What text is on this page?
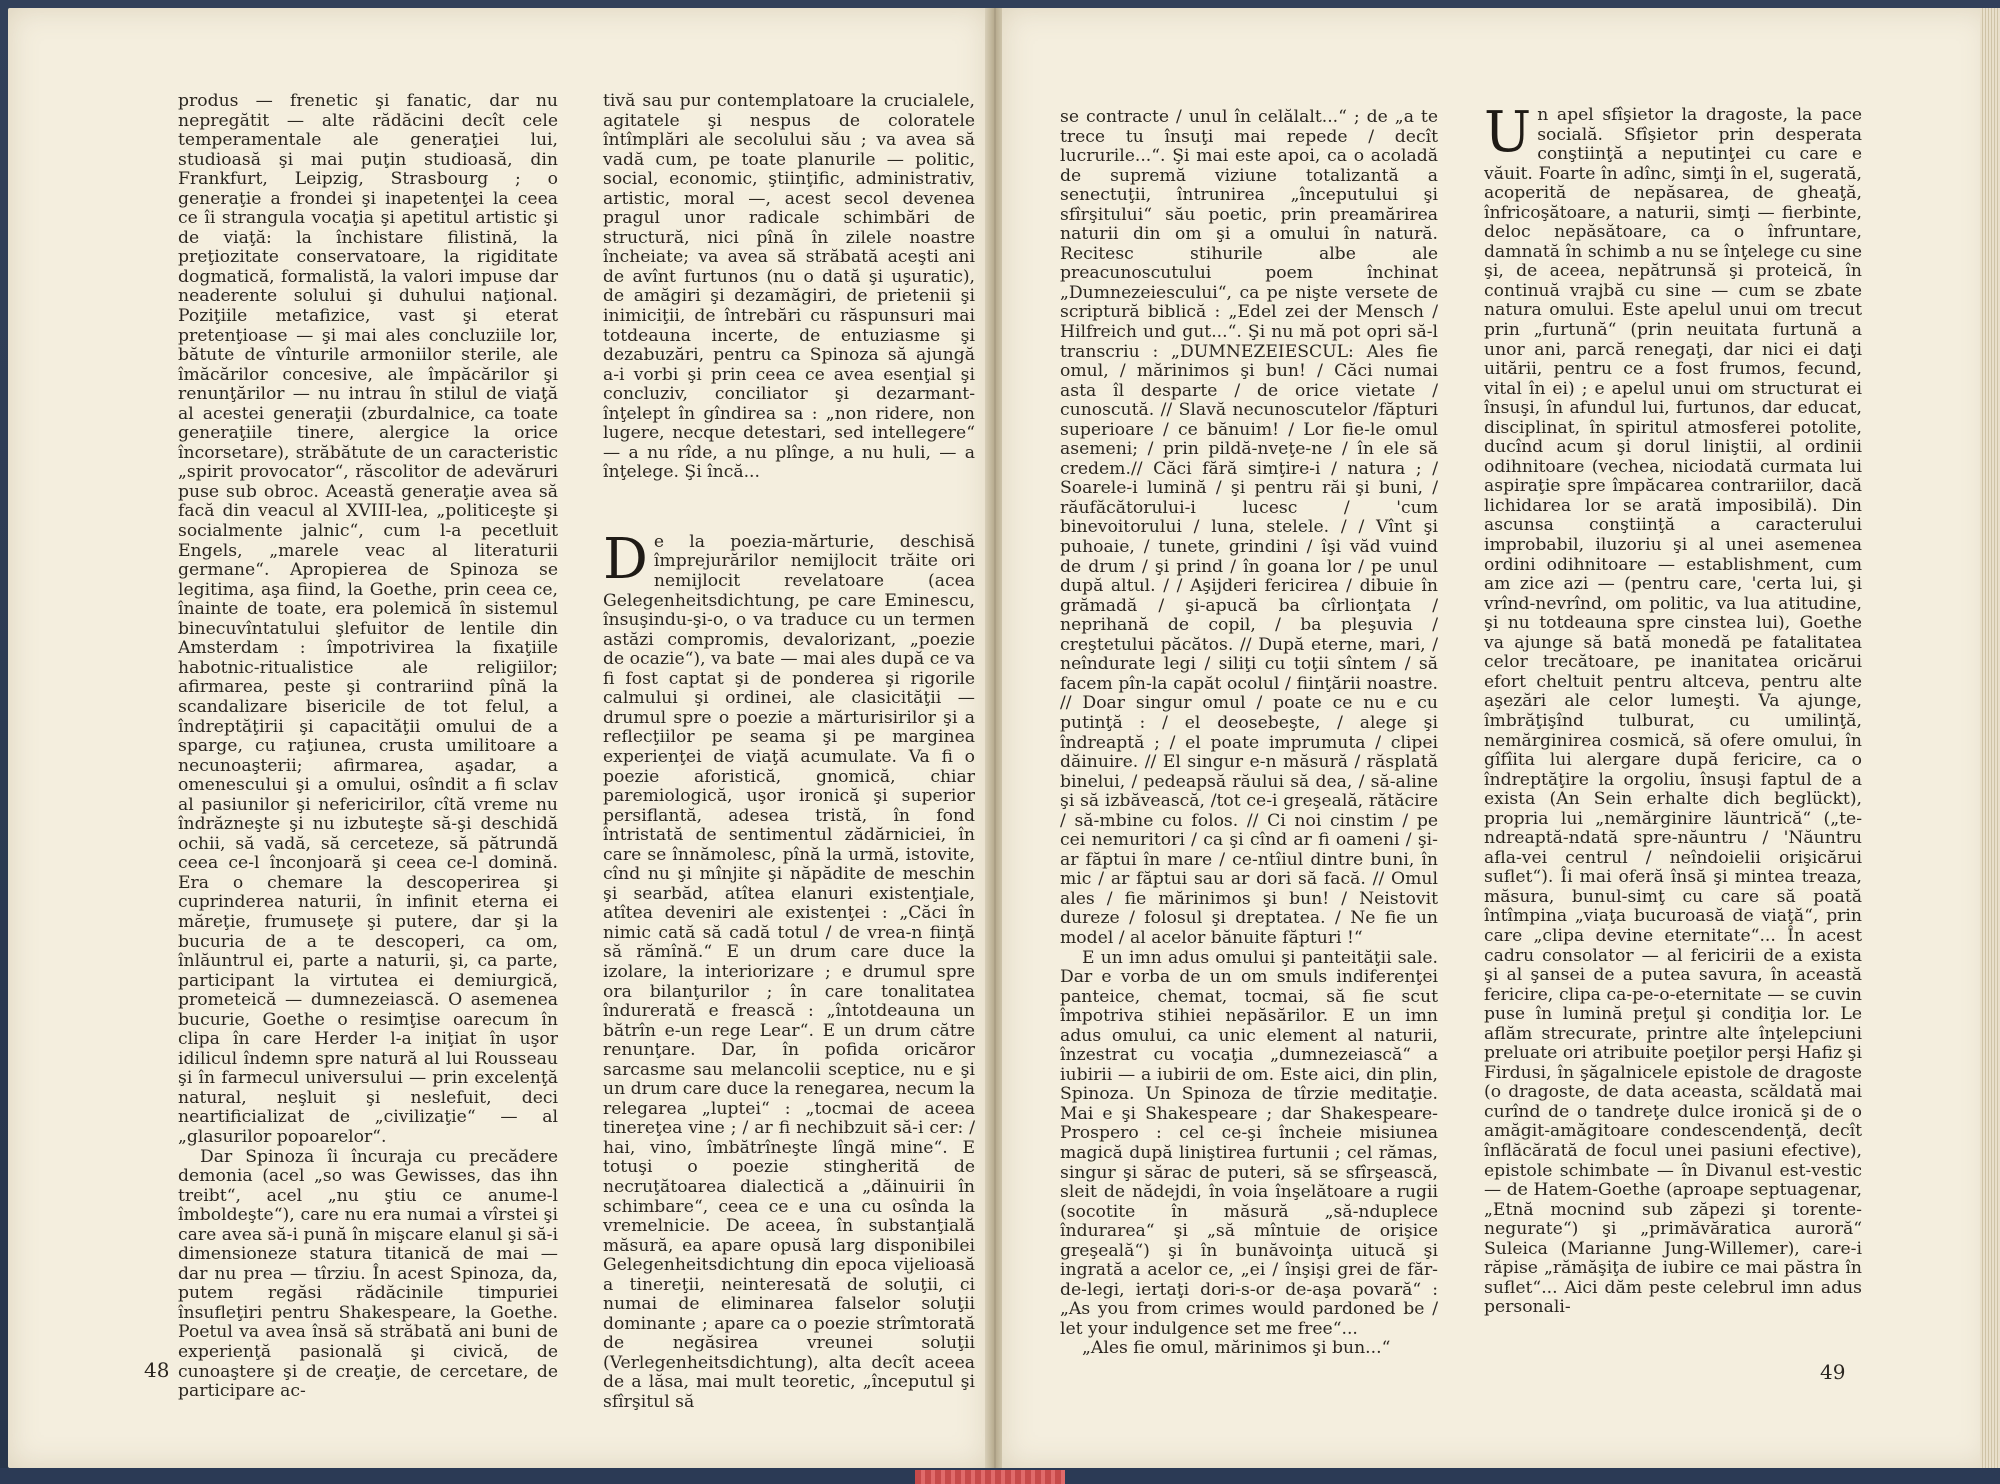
produs — frenetic şi fanatic, dar nu nepregătit — alte rădăcini decît cele temperamentale ale generaţiei lui, studioasă şi mai puţin studioasă, din Frankfurt, Leipzig, Strasbourg ; o generaţie a frondei şi inapetenţei la ceea ce îi strangula vocaţia şi apetitul artistic şi de viaţă: la închistare filistină, la preţiozitate conservatoare, la rigiditate dogmatică, formalistă, la valori impuse dar neaderente solului şi duhului naţional. Poziţiile metafizice, vast şi eterat pretenţioase — şi mai ales concluziile lor, bătute de vînturile armoniilor sterile, ale îmăcărilor concesive, ale împăcărilor şi renunţărilor — nu intrau în stilul de viaţă al acestei generaţii (zburdalnice, ca toate generaţiile tinere, alergice la orice încorsetare), străbătute de un caracteristic „spirit provocator“, răscolitor de adevăruri puse sub obroc. Această generaţie avea să facă din veacul al XVIII-lea, „politiceşte şi socialmente jalnic“, cum l-a pecetluit Engels, „marele veac al literaturii germane“. Apropierea de Spinoza se legitima, aşa fiind, la Goethe, prin ceea ce, înainte de toate, era polemică în sistemul binecuvîntatului şlefuitor de lentile din Amsterdam : împotrivirea la fixaţiile habotnic-ritualistice ale religiilor; afirmarea, peste şi contrariind pînă la scandalizare bisericile de tot felul, a îndreptăţirii şi capacităţii omului de a sparge, cu raţiunea, crusta umilitoare a necunoaşterii; afirmarea, aşadar, a omenescului şi a omului, osîndit a fi sclav al pasiunilor şi nefericirilor, cîtă vreme nu îndrăzneşte şi nu izbuteşte să-şi deschidă ochii, să vadă, să cerceteze, să pătrundă ceea ce-l înconjoară şi ceea ce-l domină. Era o chemare la descoperirea şi cuprinderea naturii, în infinit eterna ei măreţie, frumuseţe şi putere, dar şi la bucuria de a te descoperi, ca om, înlăuntrul ei, parte a naturii, şi, ca parte, participant la virtutea ei demiurgică, prometeică — dumnezeiască. O asemenea bucurie, Goethe o resimţise oarecum în clipa în care Herder l-a iniţiat în uşor idilicul îndemn spre natură al lui Rousseau şi în farmecul universului — prin excelenţă natural, neşluit şi neslefuit, deci neartificializat de „civilizaţie“ — al „glasurilor popoarelor“.

Dar Spinoza îi încuraja cu precădere demonia (acel „so was Gewisses, das ihn treibt“, acel „nu ştiu ce anume-l îmboldeşte“), care nu era numai a vîrstei şi care avea să-i pună în mişcare elanul şi să-i dimensioneze statura titanică de mai — dar nu prea — tîrziu. În acest Spinoza, da, putem regăsi rădăcinile timpuriei însufleţiri pentru Shakespeare, la Goethe. Poetul va avea însă să străbată ani buni de experienţă pasională şi civică, de cunoaştere şi de creaţie, de cercetare, de participare ac-

tivă sau pur contemplatoare la crucialele, agitatele şi nespus de coloratele întîmplări ale secolului său ; va avea să vadă cum, pe toate planurile — politic, social, economic, ştiinţific, administrativ, artistic, moral —, acest secol devenea pragul unor radicale schimbări de structură, nici pînă în zilele noastre încheiate; va avea să străbată aceşti ani de avînt furtunos (nu o dată şi uşuratic), de amăgiri şi dezamăgiri, de prietenii şi inimiciţii, de întrebări cu răspunsuri mai totdeauna incerte, de entuziasme şi dezabuzări, pentru ca Spinoza să ajungă a-i vorbi şi prin ceea ce avea esenţial şi concluziv, conciliator şi dezarmant-înţelept în gîndirea sa : „non ridere, non lugere, necque detestari, sed intellegere“ — a nu rîde, a nu plînge, a nu huli, — a înţelege. Şi încă...

De la poezia-mărturie, deschisă împrejurărilor nemijlocit trăite ori nemijlocit revelatoare (acea Gelegenheitsdichtung, pe care Eminescu, însuşindu-şi-o, o va traduce cu un termen astăzi compromis, devalorizant, „poezie de ocazie“), va bate — mai ales după ce va fi fost captat şi de ponderea şi rigorile calmului şi ordinei, ale clasicităţii — drumul spre o poezie a mărturisirilor şi a reflecţiilor pe seama şi pe marginea experienţei de viaţă acumulate. Va fi o poezie aforistică, gnomică, chiar paremiologică, uşor ironică şi superior persiflantă, adesea tristă, în fond întristată de sentimentul zădărniciei, în care se înnămolesc, pînă la urmă, istovite, cînd nu şi mînjite şi năpădite de meschin şi searbăd, atîtea elanuri existenţiale, atîtea deveniri ale existenţei : „Căci în nimic cată să cadă totul / de vrea-n fiinţă să rămînă.“ E un drum care duce la izolare, la interiorizare ; e drumul spre ora bilanţurilor ; în care tonalitatea îndurerată e frească : „întotdeauna un bătrîn e-un rege Lear“. E un drum către renunţare. Dar, în pofida oricăror sarcasme sau melancolii sceptice, nu e şi un drum care duce la renegarea, necum la relegarea „luptei“ : „tocmai de aceea tinereţea vine ; / ar fi nechibzuit să-i cer: / hai, vino, îmbătrîneşte lîngă mine“. E totuşi o poezie stingherită de necruţătoarea dialectică a „dăinuirii în schimbare“, ceea ce e una cu osînda la vremelnicie. De aceea, în substanţială măsură, ea apare opusă larg disponibilei Gelegenheitsdichtung din epoca vijelioasă a tinereţii, neinteresată de soluţii, ci numai de eliminarea falselor soluţii dominante ; apare ca o poezie strîmtorată de negăsirea vreunei soluţii (Verlegenheitsdichtung), alta decît aceea de a lăsa, mai mult teoretic, „începutul şi sfîrşitul să

48

se contracte / unul în celălalt...“ ; de „a te trece tu însuţi mai repede / decît lucrurile...“. Şi mai este apoi, ca o acoladă de supremă viziune totalizantă a senectuţii, întrunirea „începutului şi sfîrşitului“ său poetic, prin preamărirea naturii din om şi a omului în natură. Recitesc stihurile albe ale preacunoscutului poem închinat „Dumnezeiescului“, ca pe nişte versete de scriptură biblică : „Edel zei der Mensch / Hilfreich und gut...“. Şi nu mă pot opri să-l transcriu : „DUMNEZEIESCUL: Ales fie omul, / mărinimos şi bun! / Căci numai asta îl desparte / de orice vietate / cunoscută. // Slavă necunoscutelor /făpturi superioare / ce bănuim! / Lor fie-le omul asemeni; / prin pildă-nveţe-ne / în ele să credem.// Căci fără simţire-i / natura ; / Soarele-i lumină / şi pentru răi şi buni, / răufăcătorului-i lucesc / 'cum binevoitorului / luna, stelele. / / Vînt şi puhoaie, / tunete, grindini / îşi văd vuind de drum / şi prind / în goana lor / pe unul după altul. / / Aşijderi fericirea / dibuie în grămadă / şi-apucă ba cîrlionţata / neprihană de copil, / ba pleşuvia / creştetului păcătos. // După eterne, mari, / neîndurate legi / siliţi cu toţii sîntem / să facem pîn-la capăt ocolul / fiinţării noastre. // Doar singur omul / poate ce nu e cu putinţă : / el deosebeşte, / alege şi îndreaptă ; / el poate imprumuta / clipei dăinuire. // El singur e-n măsură / răsplată binelui, / pedeapsă răului să dea, / să-aline şi să izbăvească, /tot ce-i greşeală, rătăcire / să-mbine cu folos. // Ci noi cinstim / pe cei nemuritori / ca şi cînd ar fi oameni / şi-ar făptui în mare / ce-ntîiul dintre buni, în mic / ar făptui sau ar dori să facă. // Omul ales / fie mărinimos şi bun! / Neistovit dureze / folosul şi dreptatea. / Ne fie un model / al acelor bănuite făpturi !“

E un imn adus omului şi panteităţii sale. Dar e vorba de un om smuls indiferenţei panteice, chemat, tocmai, să fie scut împotriva stihiei nepăsărilor. E un imn adus omului, ca unic element al naturii, înzestrat cu vocaţia „dumnezeiască“ a iubirii — a iubirii de om. Este aici, din plin, Spinoza. Un Spinoza de tîrzie meditaţie. Mai e şi Shakespeare ; dar Shakespeare-Prospero : cel ce-şi încheie misiunea magică după liniştirea furtunii ; cel rămas, singur şi sărac de puteri, să se sfîrşească, sleit de nădejdi, în voia înşelătoare a rugii (socotite în măsură „să-nduplece îndurarea“ şi „să mîntuie de orişice greşeală“) şi în bunăvoinţa uitucă şi ingrată a acelor ce, „ei / înşişi grei de făr-de-legi, iertaţi dori-s-or de-aşa povară“ : „As you from crimes would pardoned be / let your indulgence set me free“...

„Ales fie omul, mărinimos şi bun...“

Un apel sfîşietor la dragoste, la pace socială. Sfîşietor prin desperata conştiinţă a neputinţei cu care e văuit. Foarte în adînc, simţi în el, sugerată, acoperită de nepăsarea, de gheaţă, înfricoşătoare, a naturii, simţi — fierbinte, deloc nepăsătoare, ca o înfruntare, damnată în schimb a nu se înţelege cu sine şi, de aceea, nepătrunsă şi proteică, în continuă vrajbă cu sine — cum se zbate natura omului. Este apelul unui om trecut prin „furtună“ (prin neuitata furtună a unor ani, parcă renegaţi, dar nici ei daţi uitării, pentru ce a fost frumos, fecund, vital în ei) ; e apelul unui om structurat ei însuşi, în afundul lui, furtunos, dar educat, disciplinat, în spiritul atmosferei potolite, ducînd acum şi dorul liniştii, al ordinii odihnitoare (vechea, niciodată curmata lui aspiraţie spre împăcarea contrariilor, dacă lichidarea lor se arată imposibilă). Din ascunsa conştiinţă a caracterului improbabil, iluzoriu şi al unei asemenea ordini odihnitoare — establishment, cum am zice azi — (pentru care, 'certa lui, şi vrînd-nevrînd, om politic, va lua atitudine, şi nu totdeauna spre cinstea lui), Goethe va ajunge să bată monedă pe fatalitatea celor trecătoare, pe inanitatea oricărui efort cheltuit pentru altceva, pentru alte aşezări ale celor lumeşti. Va ajunge, îmbrăţişînd tulburat, cu umilinţă, nemărginirea cosmică, să ofere omului, în gîfîita lui alergare după fericire, ca o îndreptăţire la orgoliu, însuşi faptul de a exista (An Sein erhalte dich beglückt), propria lui „nemărginire lăuntrică“ („te-ndreaptă-ndată spre-năuntru / 'Năuntru afla-vei centrul / neîndoielii orişicărui suflet“). Îi mai oferă însă şi mintea treaza, măsura, bunul-simţ cu care să poată întîmpina „viaţa bucuroasă de viaţă“, prin care „clipa devine eternitate“... În acest cadru consolator — al fericirii de a exista şi al şansei de a putea savura, în această fericire, clipa ca-pe-o-eternitate — se cuvin puse în lumină preţul şi condiţia lor. Le aflăm strecurate, printre alte înţelepciuni preluate ori atribuite poeţilor perşi Hafiz şi Firdusi, în şăgalnicele epistole de dragoste (o dragoste, de data aceasta, scăldată mai curînd de o tandreţe dulce ironică şi de o amăgit-amăgitoare condescendenţă, decît înflăcărată de focul unei pasiuni efective), epistole schimbate — în Divanul est-vestic — de Hatem-Goethe (aproape septuagenar, „Etnă mocnind sub zăpezi şi torente-negurate“) şi „primăvăratica auroră“ Suleica (Marianne Jung-Willemer), care-i răpise „rămăşiţa de iubire ce mai păstra în suflet“... Aici dăm peste celebrul imn adus personali-

49
